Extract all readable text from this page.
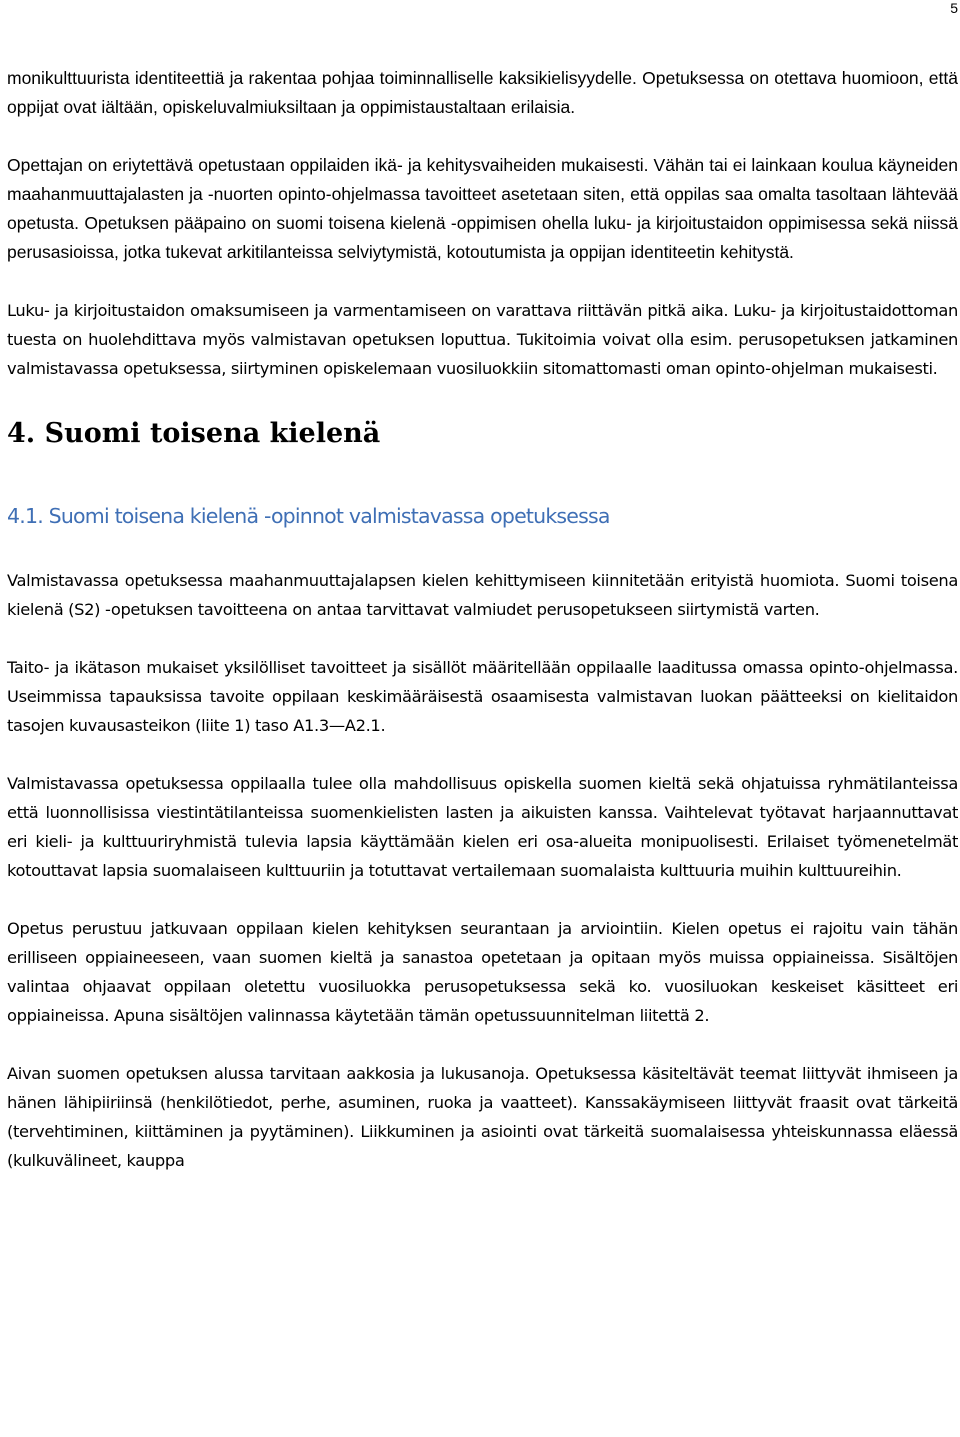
5

monikulttuurista identiteettiä ja rakentaa pohjaa toiminnalliselle kaksikielisyydelle. Opetuksessa on otettava huomioon, että oppijat ovat iältään, opiskeluvalmiuksiltaan ja oppimistaustaltaan erilaisia.

Opettajan on eriytettävä opetustaan oppilaiden ikä- ja kehitysvaiheiden mukaisesti. Vähän tai ei lainkaan koulua käyneiden maahanmuuttajalasten ja -nuorten opinto-ohjelmassa tavoitteet asetetaan siten, että oppilas saa omalta tasoltaan lähtevää opetusta. Opetuksen pääpaino on suomi toisena kielenä -oppimisen ohella luku- ja kirjoitustaidon oppimisessa sekä niissä perusasioissa, jotka tukevat arkitilanteissa selviytymistä, kotoutumista ja oppijan identiteetin kehitystä.

Luku- ja kirjoitustaidon omaksumiseen ja varmentamiseen on varattava riittävän pitkä aika. Luku- ja kirjoitustaidottoman tuesta on huolehdittava myös valmistavan opetuksen loputtua. Tukitoimia voivat olla esim. perusopetuksen jatkaminen valmistavassa opetuksessa, siirtyminen opiskelemaan vuosiluokkiin sitomattomasti oman opinto-ohjelman mukaisesti.

4. Suomi toisena kielenä
4.1. Suomi toisena kielenä -opinnot valmistavassa opetuksessa

Valmistavassa opetuksessa maahanmuuttajalapsen kielen kehittymiseen kiinnitetään erityistä huomiota. Suomi toisena kielenä (S2) -opetuksen tavoitteena on antaa tarvittavat valmiudet perusopetukseen siirtymistä varten.

Taito- ja ikätason mukaiset yksilölliset tavoitteet ja sisällöt määritellään oppilaalle laaditussa omassa opinto-ohjelmassa. Useimmissa tapauksissa tavoite oppilaan keskimääräisestä osaamisesta valmistavan luokan päätteeksi on kielitaidon tasojen kuvausasteikon (liite 1) taso A1.3—A2.1.

Valmistavassa opetuksessa oppilaalla tulee olla mahdollisuus opiskella suomen kieltä sekä ohjatuissa ryhmätilanteissa että luonnollisissa viestintätilanteissa suomenkielisten lasten ja aikuisten kanssa. Vaihtelevat työtavat harjaannuttavat eri kieli- ja kulttuuriryhmistä tulevia lapsia käyttämään kielen eri osa-alueita monipuolisesti. Erilaiset työmenetelmät kotouttavat lapsia suomalaiseen kulttuuriin ja totuttavat vertailemaan suomalaista kulttuuria muihin kulttuureihin.

Opetus perustuu jatkuvaan oppilaan kielen kehityksen seurantaan ja arviointiin. Kielen opetus ei rajoitu vain tähän erilliseen oppiaineeseen, vaan suomen kieltä ja sanastoa opetetaan ja opitaan myös muissa oppiaineissa. Sisältöjen valintaa ohjaavat oppilaan oletettu vuosiluokka perusopetuksessa sekä ko. vuosiluokan keskeiset käsitteet eri oppiaineissa. Apuna sisältöjen valinnassa käytetään tämän opetussuunnitelman liitettä 2.

Aivan suomen opetuksen alussa tarvitaan aakkosia ja lukusanoja. Opetuksessa käsiteltävät teemat liittyvät ihmiseen ja hänen lähipiiriinsä (henkilötiedot, perhe, asuminen, ruoka ja vaatteet). Kanssakäymiseen liittyvät fraasit ovat tärkeitä (tervehtiminen, kiittäminen ja pyytäminen). Liikkuminen ja asiointi ovat tärkeitä suomalaisessa yhteiskunnassa eläessä (kulkuvälineet, kauppa
